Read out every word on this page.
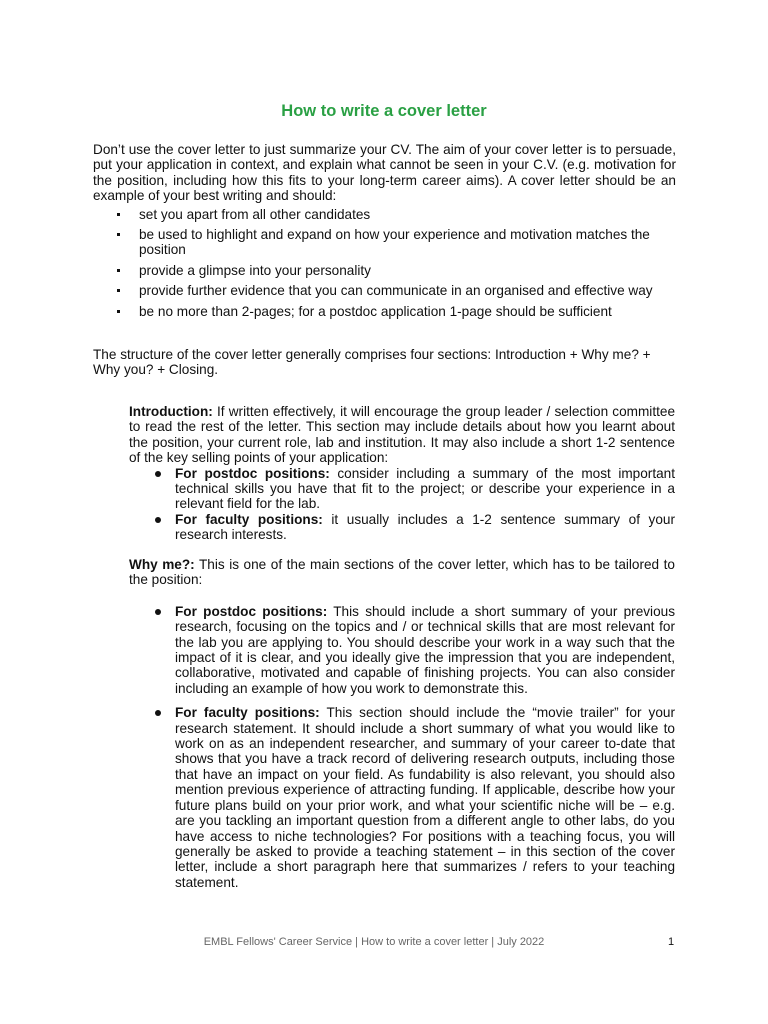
How to write a cover letter

Don’t use the cover letter to just summarize your CV. The aim of your cover letter is to persuade, put your application in context, and explain what cannot be seen in your C.V. (e.g. motivation for the position, including how this fits to your long-term career aims). A cover letter should be an example of your best writing and should:

set you apart from all other candidates
be used to highlight and expand on how your experience and motivation matches the position
provide a glimpse into your personality
provide further evidence that you can communicate in an organised and effective way
be no more than 2-pages; for a postdoc application 1-page should be sufficient

The structure of the cover letter generally comprises four sections: Introduction + Why me? + Why you? + Closing.

Introduction: If written effectively, it will encourage the group leader / selection committee to read the rest of the letter. This section may include details about how you learnt about the position, your current role, lab and institution. It may also include a short 1-2 sentence of the key selling points of your application:

For postdoc positions: consider including a summary of the most important technical skills you have that fit to the project; or describe your experience in a relevant field for the lab.
For faculty positions: it usually includes a 1-2 sentence summary of your research interests.

Why me?: This is one of the main sections of the cover letter, which has to be tailored to the position:

For postdoc positions: This should include a short summary of your previous research, focusing on the topics and / or technical skills that are most relevant for the lab you are applying to. You should describe your work in a way such that the impact of it is clear, and you ideally give the impression that you are independent, collaborative, motivated and capable of finishing projects. You can also consider including an example of how you work to demonstrate this.
For faculty positions: This section should include the “movie trailer” for your research statement. It should include a short summary of what you would like to work on as an independent researcher, and summary of your career to-date that shows that you have a track record of delivering research outputs, including those that have an impact on your field. As fundability is also relevant, you should also mention previous experience of attracting funding. If applicable, describe how your future plans build on your prior work, and what your scientific niche will be – e.g. are you tackling an important question from a different angle to other labs, do you have access to niche technologies? For positions with a teaching focus, you will generally be asked to provide a teaching statement – in this section of the cover letter, include a short paragraph here that summarizes / refers to your teaching statement.
EMBL Fellows' Career Service | How to write a cover letter | July 2022	1
